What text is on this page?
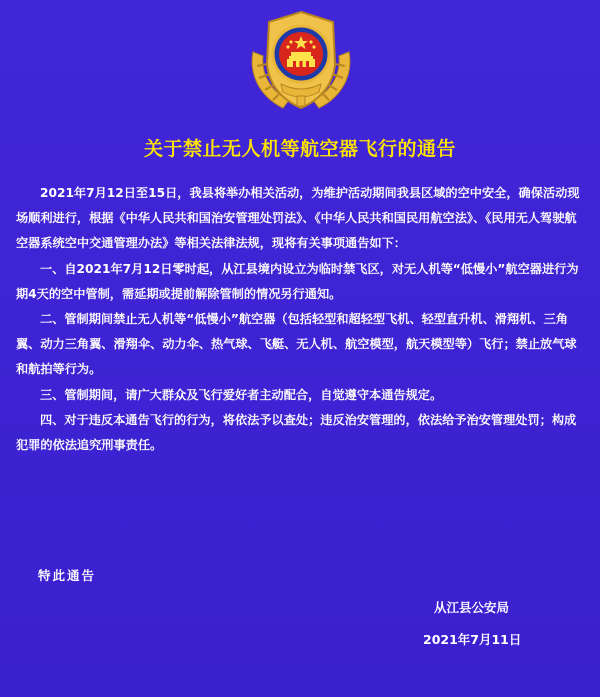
关于禁止无人机等航空器飞行的通告

2021年7月12日至15日，我县将举办相关活动，为维护活动期间我县区域的空中安全，确保活动现场顺利进行，根据《中华人民共和国治安管理处罚法》、《中华人民共和国民用航空法》、《民用无人驾驶航空器系统空中交通管理办法》等相关法律法规，现将有关事项通告如下：

一、自2021年7月12日零时起，从江县境内设立为临时禁飞区，对无人机等“低慢小”航空器进行为期4天的空中管制，需延期或提前解除管制的情况另行通知。

二、管制期间禁止无人机等“低慢小”航空器（包括轻型和超轻型飞机、轻型直升机、滑翔机、三角翼、动力三角翼、滑翔伞、动力伞、热气球、飞艇、无人机、航空模型，航天模型等）飞行；禁止放气球和航拍等行为。

三、管制期间，请广大群众及飞行爱好者主动配合，自觉遵守本通告规定。

四、对于违反本通告飞行的行为，将依法予以查处；违反治安管理的，依法给予治安管理处罚；构成犯罪的依法追究刑事责任。

特此通告
从江县公安局
2021年7月11日
